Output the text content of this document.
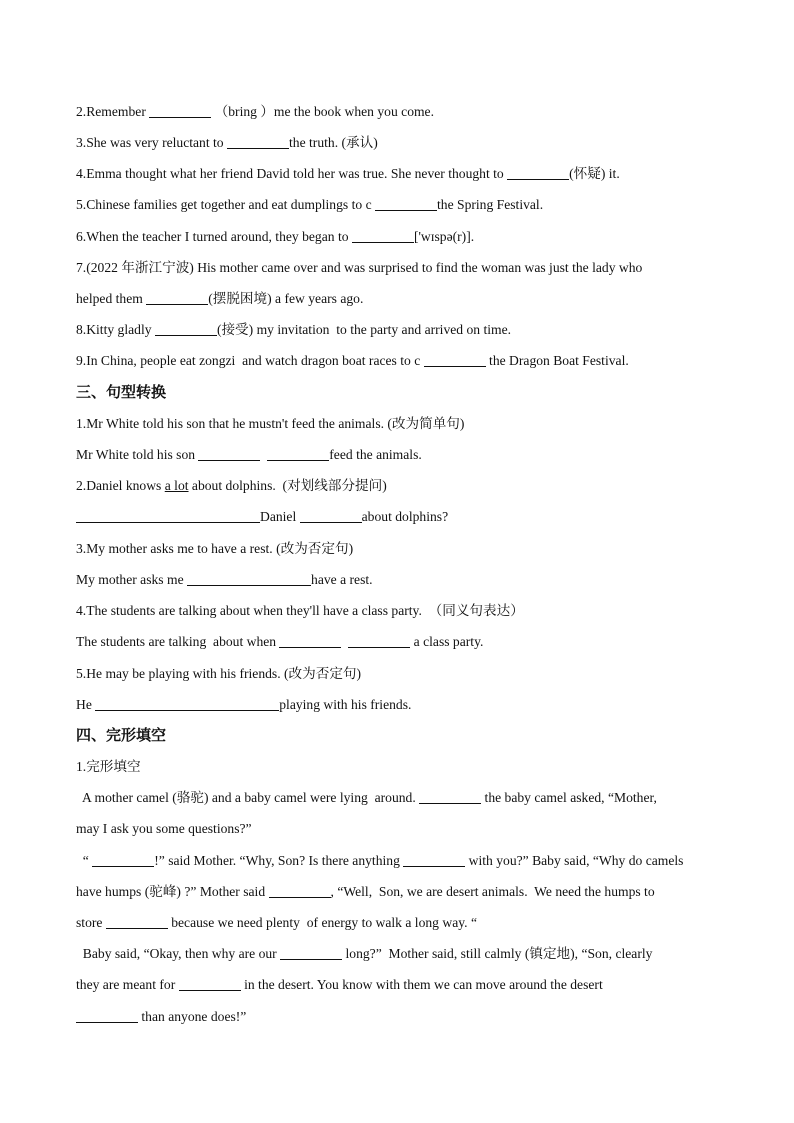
2.Remember	（bring ）me the book when you come.
3.She was very reluctant to	the truth. (承认)
4.Emma thought what her friend David told her was true. She never thought to	(怀疑) it.
5.Chinese families get together and eat dumplings to c	the Spring Festival.
6.When the teacher I turned around, they began to	['wɪspə(r)].
7.(2022 年浙江宁波) His mother came over and was surprised to find the woman was just the lady who
helped them	(摆脱困境) a few years ago.
8.Kitty gladly	(接受) my invitation  to the party and arrived on time.
9.In China, people eat zongzi  and watch dragon boat races to c	the Dragon Boat Festival.
三、句型转换
1.Mr White told his son that he mustn't feed the animals. (改为简单句)
Mr White told his son	feed the animals.
2.Daniel knows a lot about dolphins.  (对划线部分提问)
Daniel	about dolphins?
3.My mother asks me to have a rest. (改为否定句)
My mother asks me	have a rest.
4.The students are talking about when they'll have a class party.  （同义句表达）
The students are talking  about when	a class party.
5.He may be playing with his friends. (改为否定句)
He	playing with his friends.
四、完形填空
1.完形填空
A mother camel (骆驼) and a baby camel were lying  around.	the baby camel asked, “Mother,
may I ask you some questions?”
“	!” said Mother. “Why, Son? Is there anything	with you?” Baby said, “Why do camels
have humps (驼峰) ?” Mother said	, “Well,  Son, we are desert animals.  We need the humps to
store	because we need plenty  of energy to walk a long way. “
Baby said, “Okay, then why are our	long?”  Mother said, still calmly (镇定地), “Son, clearly
they are meant for	in the desert. You know with them we can move around the desert
than anyone does!”
